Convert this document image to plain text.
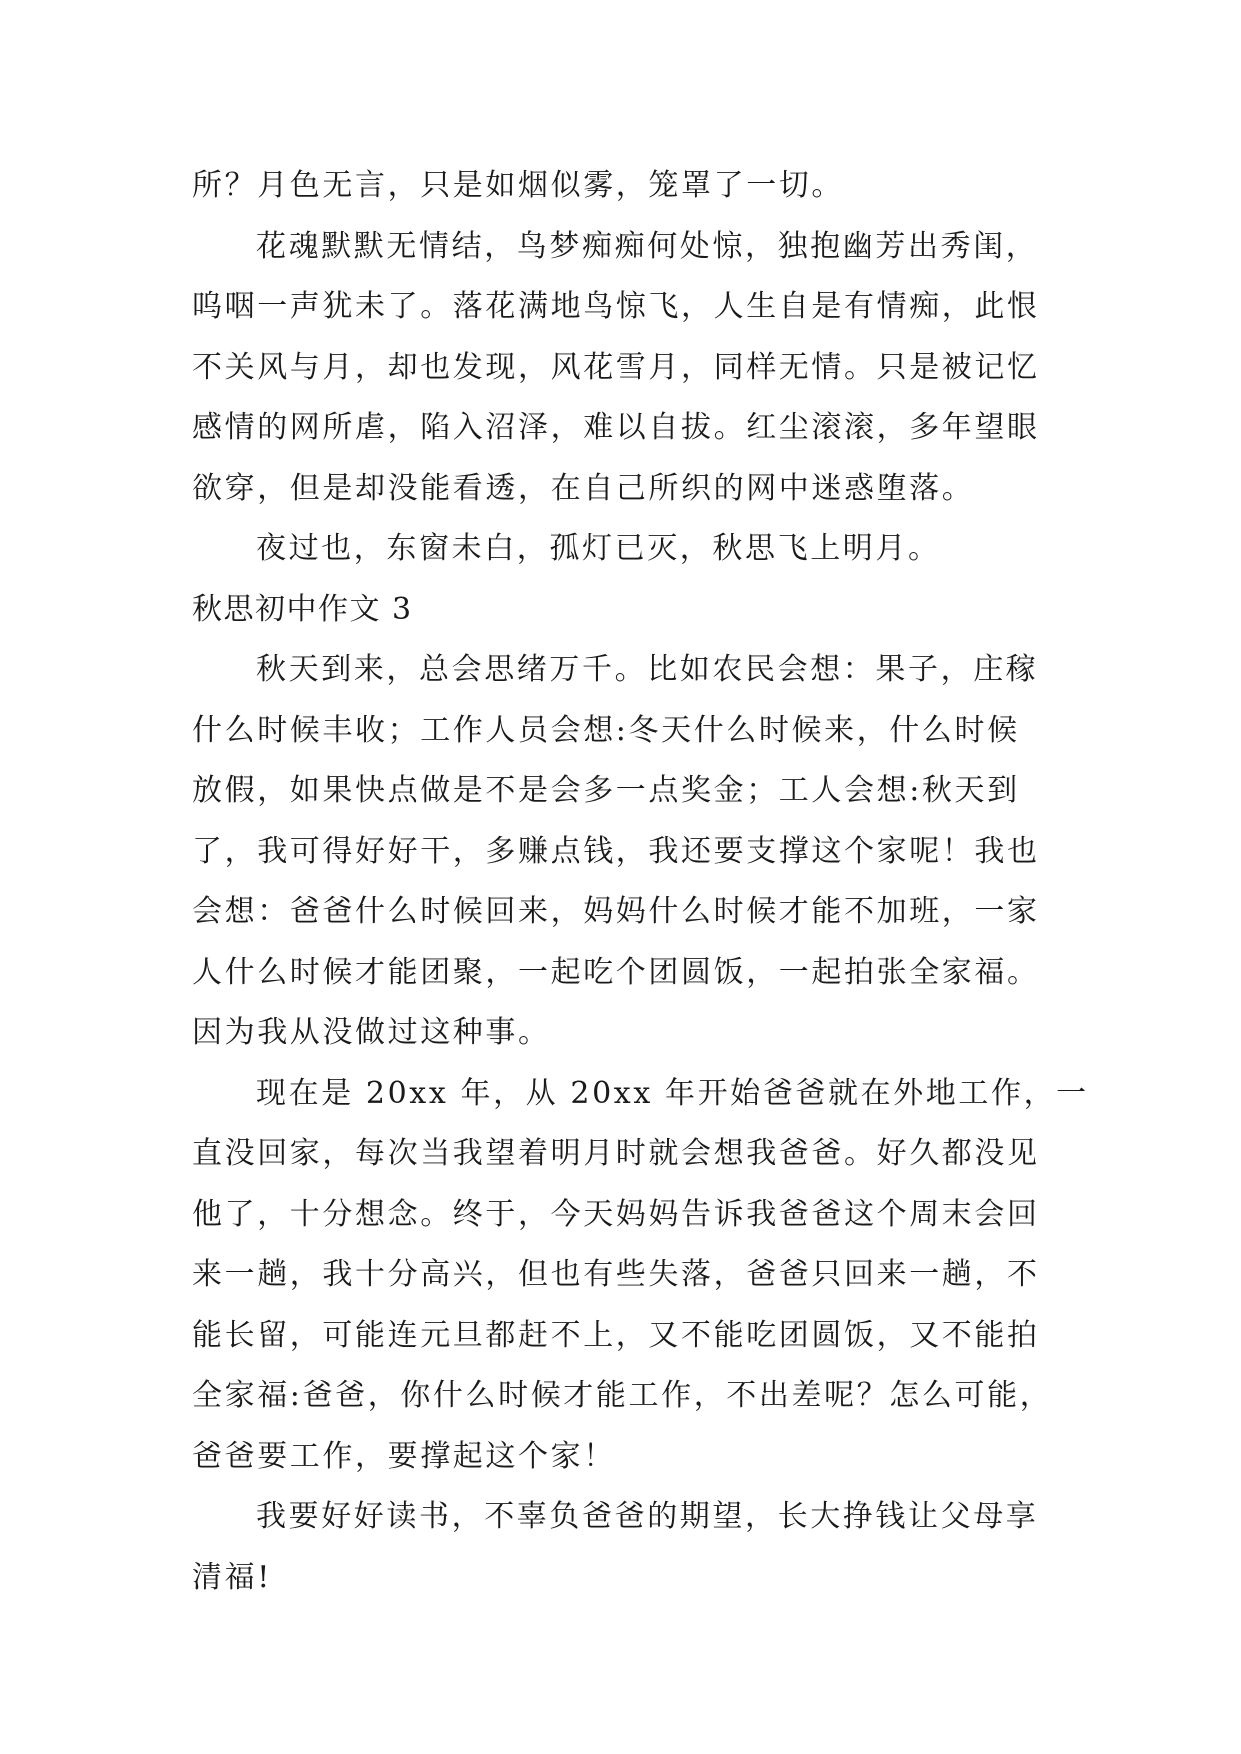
所？月色无言，只是如烟似雾，笼罩了一切。
花魂默默无情结，鸟梦痴痴何处惊，独抱幽芳出秀闺，
呜咽一声犹未了。落花满地鸟惊飞，人生自是有情痴，此恨
不关风与月，却也发现，风花雪月，同样无情。只是被记忆
感情的网所虐，陷入沼泽，难以自拔。红尘滚滚，多年望眼
欲穿，但是却没能看透，在自己所织的网中迷惑堕落。
夜过也，东窗未白，孤灯已灭，秋思飞上明月。
秋思初中作文 3
秋天到来，总会思绪万千。比如农民会想：果子，庄稼
什么时候丰收；工作人员会想:冬天什么时候来，什么时候
放假，如果快点做是不是会多一点奖金；工人会想:秋天到
了，我可得好好干，多赚点钱，我还要支撑这个家呢！我也
会想：爸爸什么时候回来，妈妈什么时候才能不加班，一家
人什么时候才能团聚，一起吃个团圆饭，一起拍张全家福。
因为我从没做过这种事。
现在是 20xx 年，从 20xx 年开始爸爸就在外地工作，一
直没回家，每次当我望着明月时就会想我爸爸。好久都没见
他了，十分想念。终于，今天妈妈告诉我爸爸这个周末会回
来一趟，我十分高兴，但也有些失落，爸爸只回来一趟，不
能长留，可能连元旦都赶不上，又不能吃团圆饭，又不能拍
全家福:爸爸，你什么时候才能工作，不出差呢？怎么可能，
爸爸要工作，要撑起这个家！
我要好好读书，不辜负爸爸的期望，长大挣钱让父母享
清福!
